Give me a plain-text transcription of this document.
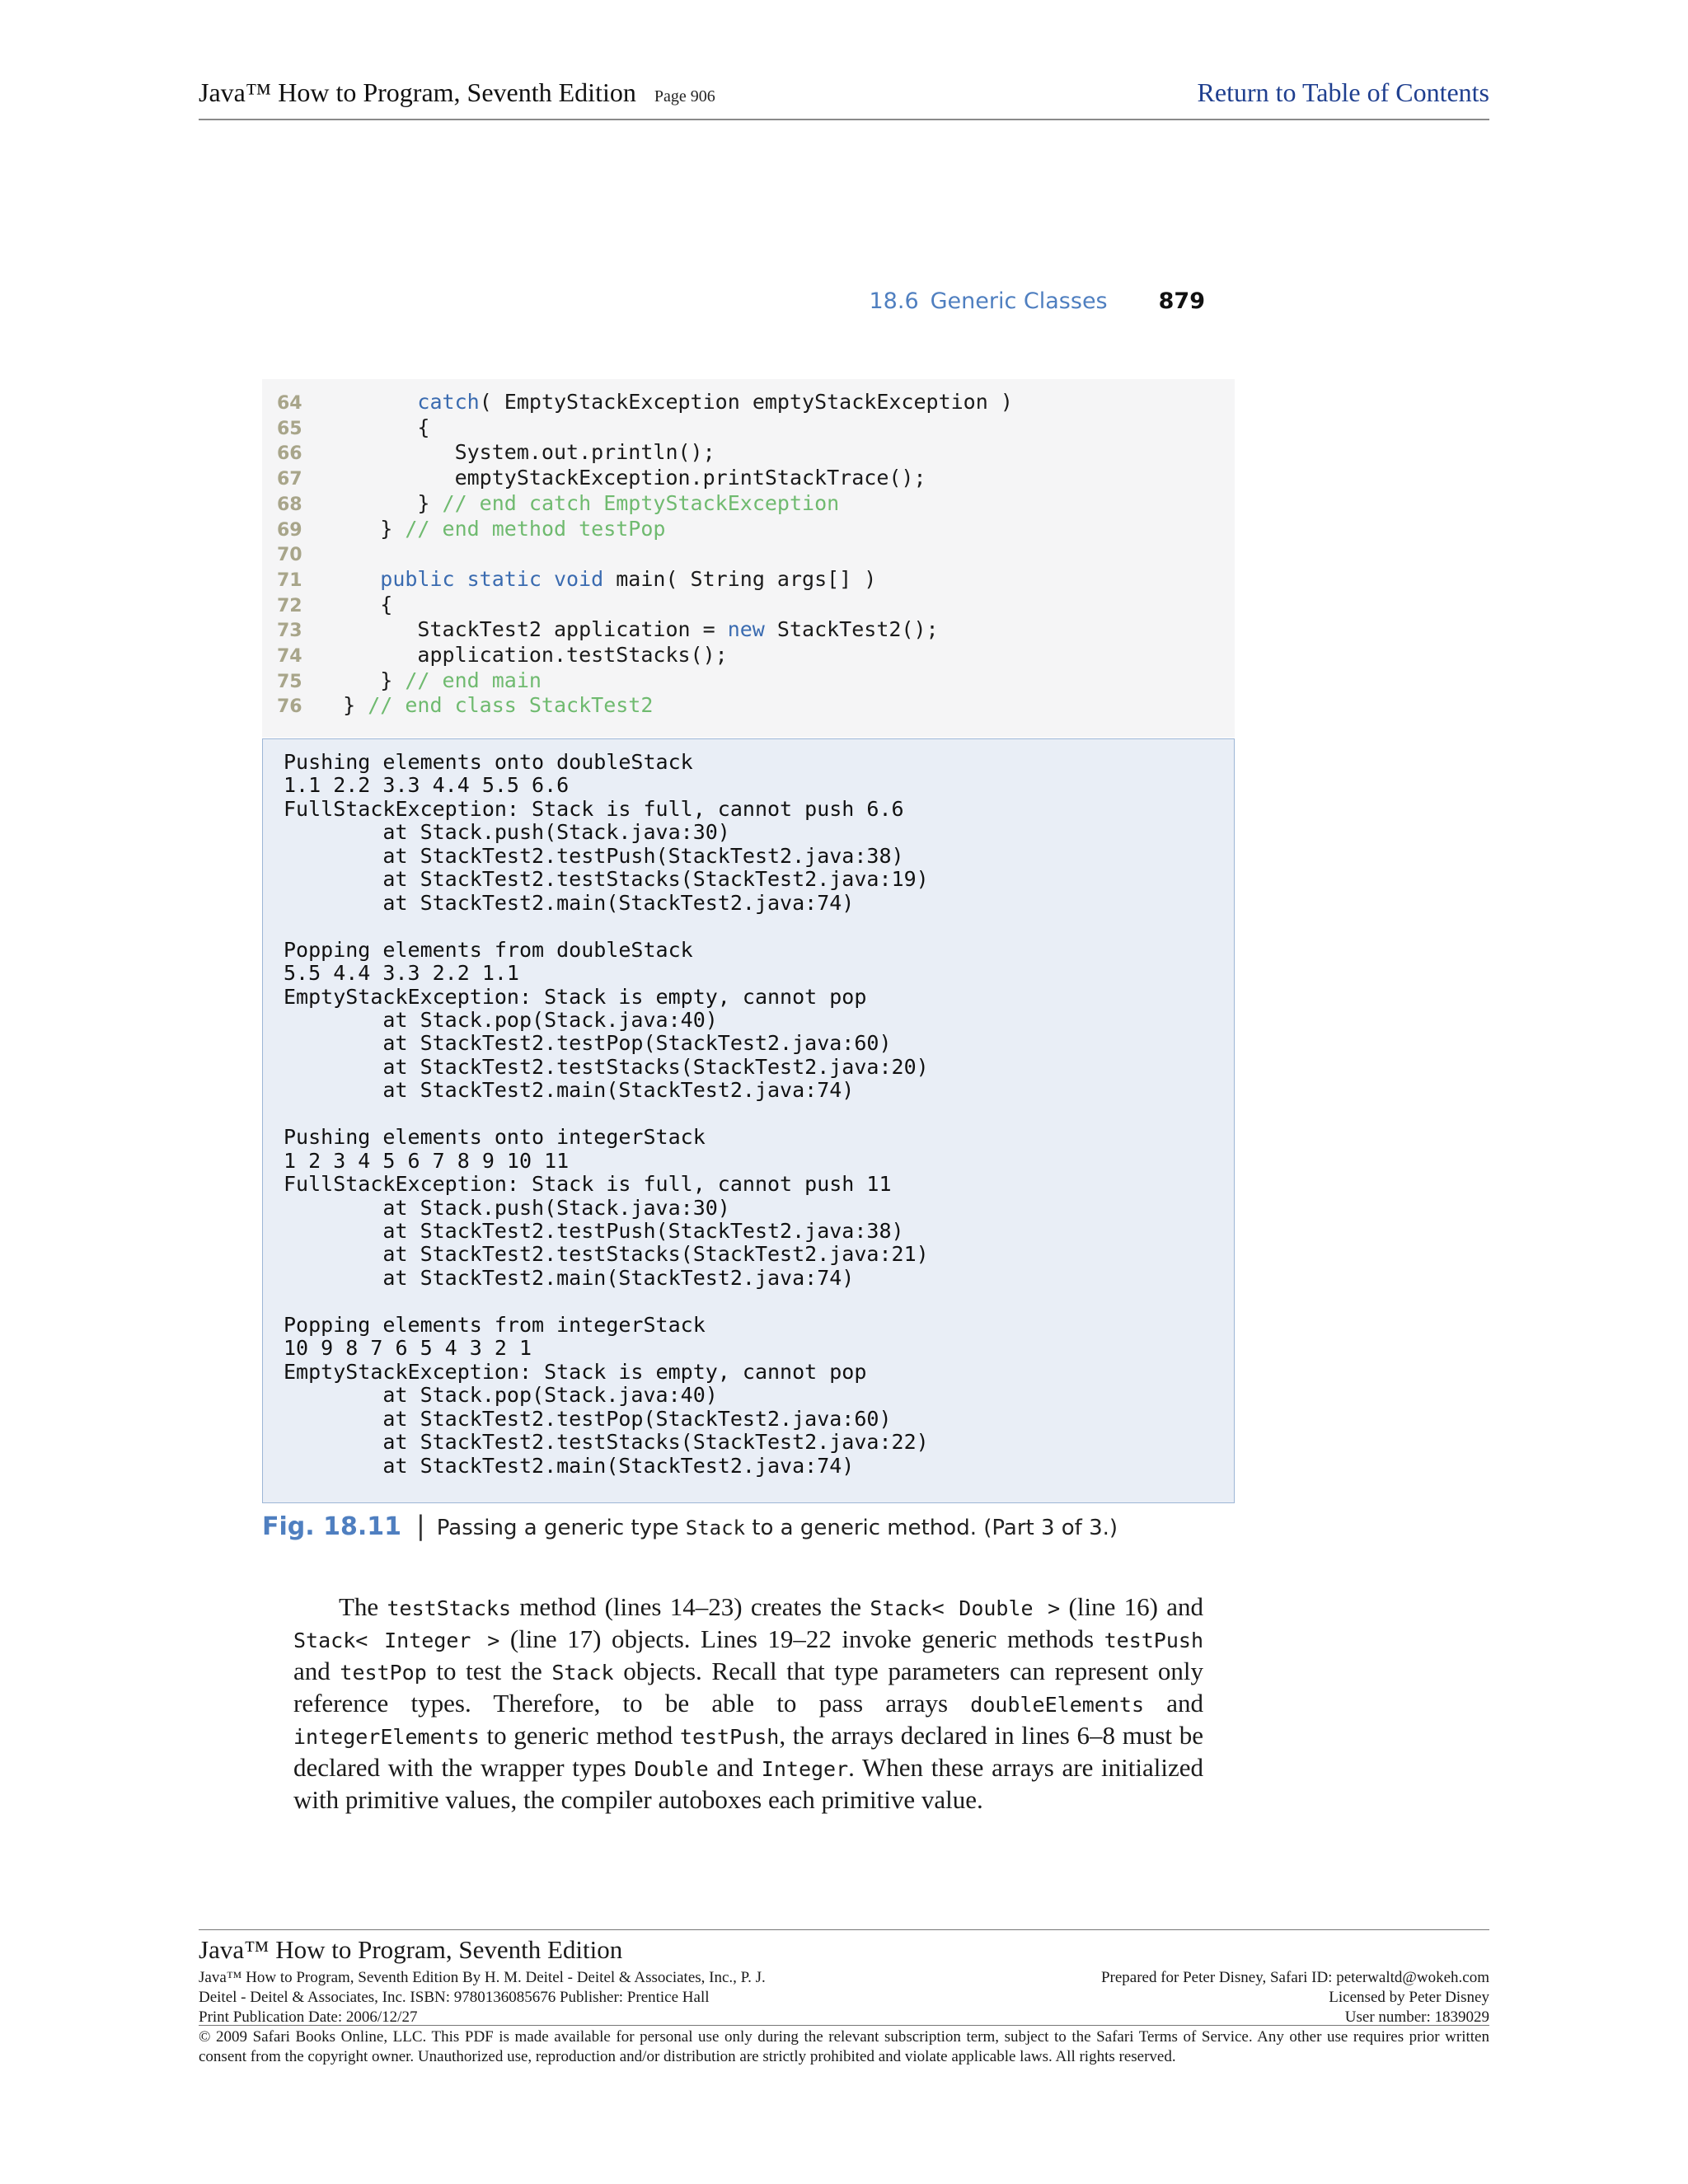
Java™ How to Program, Seventh Edition Page 906	Return to Table of Contents
18.6 Generic Classes 879
64	catch( EmptyStackException emptyStackException )
65        {
66           System.out.println();
67           emptyStackException.printStackTrace();
68        } // end catch EmptyStackException
69     } // end method testPop
70
71	public static void main( String args[] )
72     {
73        StackTest2 application = new StackTest2();
74        application.testStacks();
75     } // end main
76 } // end class StackTest2
Pushing elements onto doubleStack
1.1 2.2 3.3 4.4 5.5 6.6
FullStackException: Stack is full, cannot push 6.6
at Stack.push(Stack.java:30)
at StackTest2.testPush(StackTest2.java:38)
at StackTest2.testStacks(StackTest2.java:19)
at StackTest2.main(StackTest2.java:74)
Popping elements from doubleStack
5.5 4.4 3.3 2.2 1.1
EmptyStackException: Stack is empty, cannot pop
at Stack.pop(Stack.java:40)
at StackTest2.testPop(StackTest2.java:60)
at StackTest2.testStacks(StackTest2.java:20)
at StackTest2.main(StackTest2.java:74)
Pushing elements onto integerStack
1 2 3 4 5 6 7 8 9 10 11
FullStackException: Stack is full, cannot push 11
at Stack.push(Stack.java:30)
at StackTest2.testPush(StackTest2.java:38)
at StackTest2.testStacks(StackTest2.java:21)
at StackTest2.main(StackTest2.java:74)
Popping elements from integerStack
10 9 8 7 6 5 4 3 2 1
EmptyStackException: Stack is empty, cannot pop
at Stack.pop(Stack.java:40)
at StackTest2.testPop(StackTest2.java:60)
at StackTest2.testStacks(StackTest2.java:22)
at StackTest2.main(StackTest2.java:74)
Fig. 18.11 | Passing a generic type Stack to a generic method. (Part 3 of 3.)

The testStacks method (lines 14–23) creates the Stack< Double > (line 16) and Stack< Integer > (line 17) objects. Lines 19–22 invoke generic methods testPush and testPop to test the Stack objects. Recall that type parameters can represent only reference types. Therefore, to be able to pass arrays doubleElements and integerElements to generic method testPush, the arrays declared in lines 6–8 must be declared with the wrapper types Double and Integer. When these arrays are initialized with primitive values, the compiler autoboxes each primitive value.

Java™ How to Program, Seventh Edition
Java™ How to Program, Seventh Edition By H. M. Deitel - Deitel & Associates, Inc., P. J.
Deitel - Deitel & Associates, Inc. ISBN: 9780136085676 Publisher: Prentice Hall
Print Publication Date: 2006/12/27
Prepared for Peter Disney, Safari ID: peterwaltd@wokeh.com
Licensed by Peter Disney
User number: 1839029
© 2009 Safari Books Online, LLC. This PDF is made available for personal use only during the relevant subscription term, subject to the Safari Terms of Service. Any other use requires prior written consent from the copyright owner. Unauthorized use, reproduction and/or distribution are strictly prohibited and violate applicable laws. All rights reserved.
